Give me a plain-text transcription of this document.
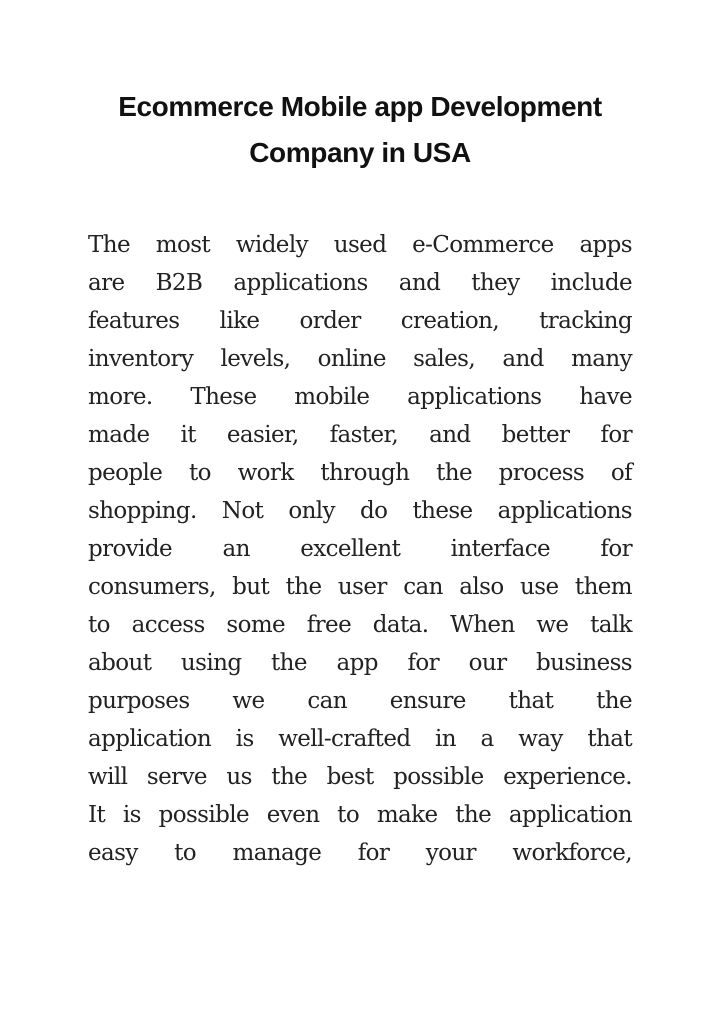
Ecommerce Mobile app Development
Company in USA
The most widely used e-Commerce apps
are B2B applications and they include
features like order creation, tracking
inventory levels, online sales, and many
more. These mobile applications have
made it easier, faster, and better for
people to work through the process of
shopping. Not only do these applications
provide an excellent interface for
consumers, but the user can also use them
to access some free data. When we talk
about using the app for our business
purposes we can ensure that the
application is well-crafted in a way that
will serve us the best possible experience.
It is possible even to make the application
easy to manage for your workforce,
